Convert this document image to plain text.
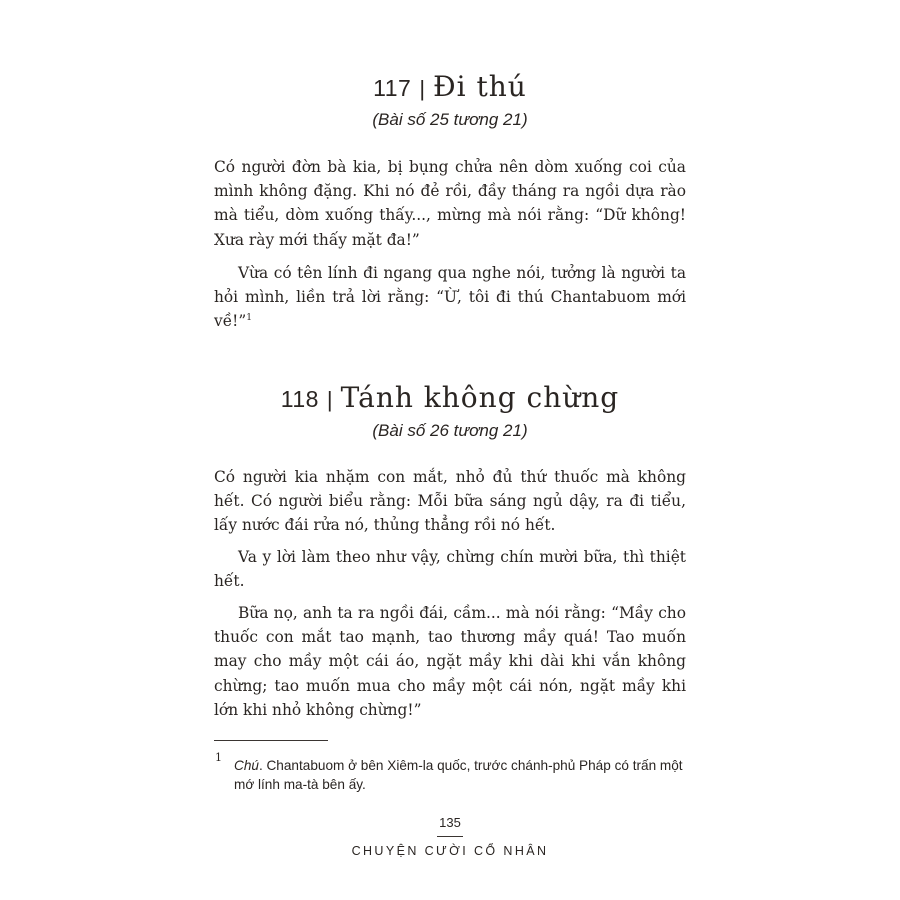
117 | Đi thú
(Bài số 25 tương 21)

Có người đờn bà kia, bị bụng chửa nên dòm xuống coi của mình không đặng. Khi nó đẻ rồi, đầy tháng ra ngồi dựa rào mà tiểu, dòm xuống thấy..., mừng mà nói rằng: “Dữ không! Xưa rày mới thấy mặt đa!”

Vừa có tên lính đi ngang qua nghe nói, tưởng là người ta hỏi mình, liền trả lời rằng: “Ừ, tôi đi thú Chantabuom mới về!”$^1$

118 | Tánh không chừng
(Bài số 26 tương 21)

Có người kia nhặm con mắt, nhỏ đủ thứ thuốc mà không hết. Có người biểu rằng: Mỗi bữa sáng ngủ dậy, ra đi tiểu, lấy nước đái rửa nó, thủng thẳng rồi nó hết.

Va y lời làm theo như vậy, chừng chín mười bữa, thì thiệt hết.

Bữa nọ, anh ta ra ngồi đái, cầm... mà nói rằng: “Mầy cho thuốc con mắt tao mạnh, tao thương mầy quá! Tao muốn may cho mầy một cái áo, ngặt mầy khi dài khi vắn không chừng; tao muốn mua cho mầy một cái nón, ngặt mầy khi lớn khi nhỏ không chừng!”

1

Chú. Chantabuom ở bên Xiêm-la quốc, trước chánh-phủ Pháp có trấn một mớ lính ma-tà bên ấy.

135
CHUYỆN CƯỜI CỔ NHÂN
